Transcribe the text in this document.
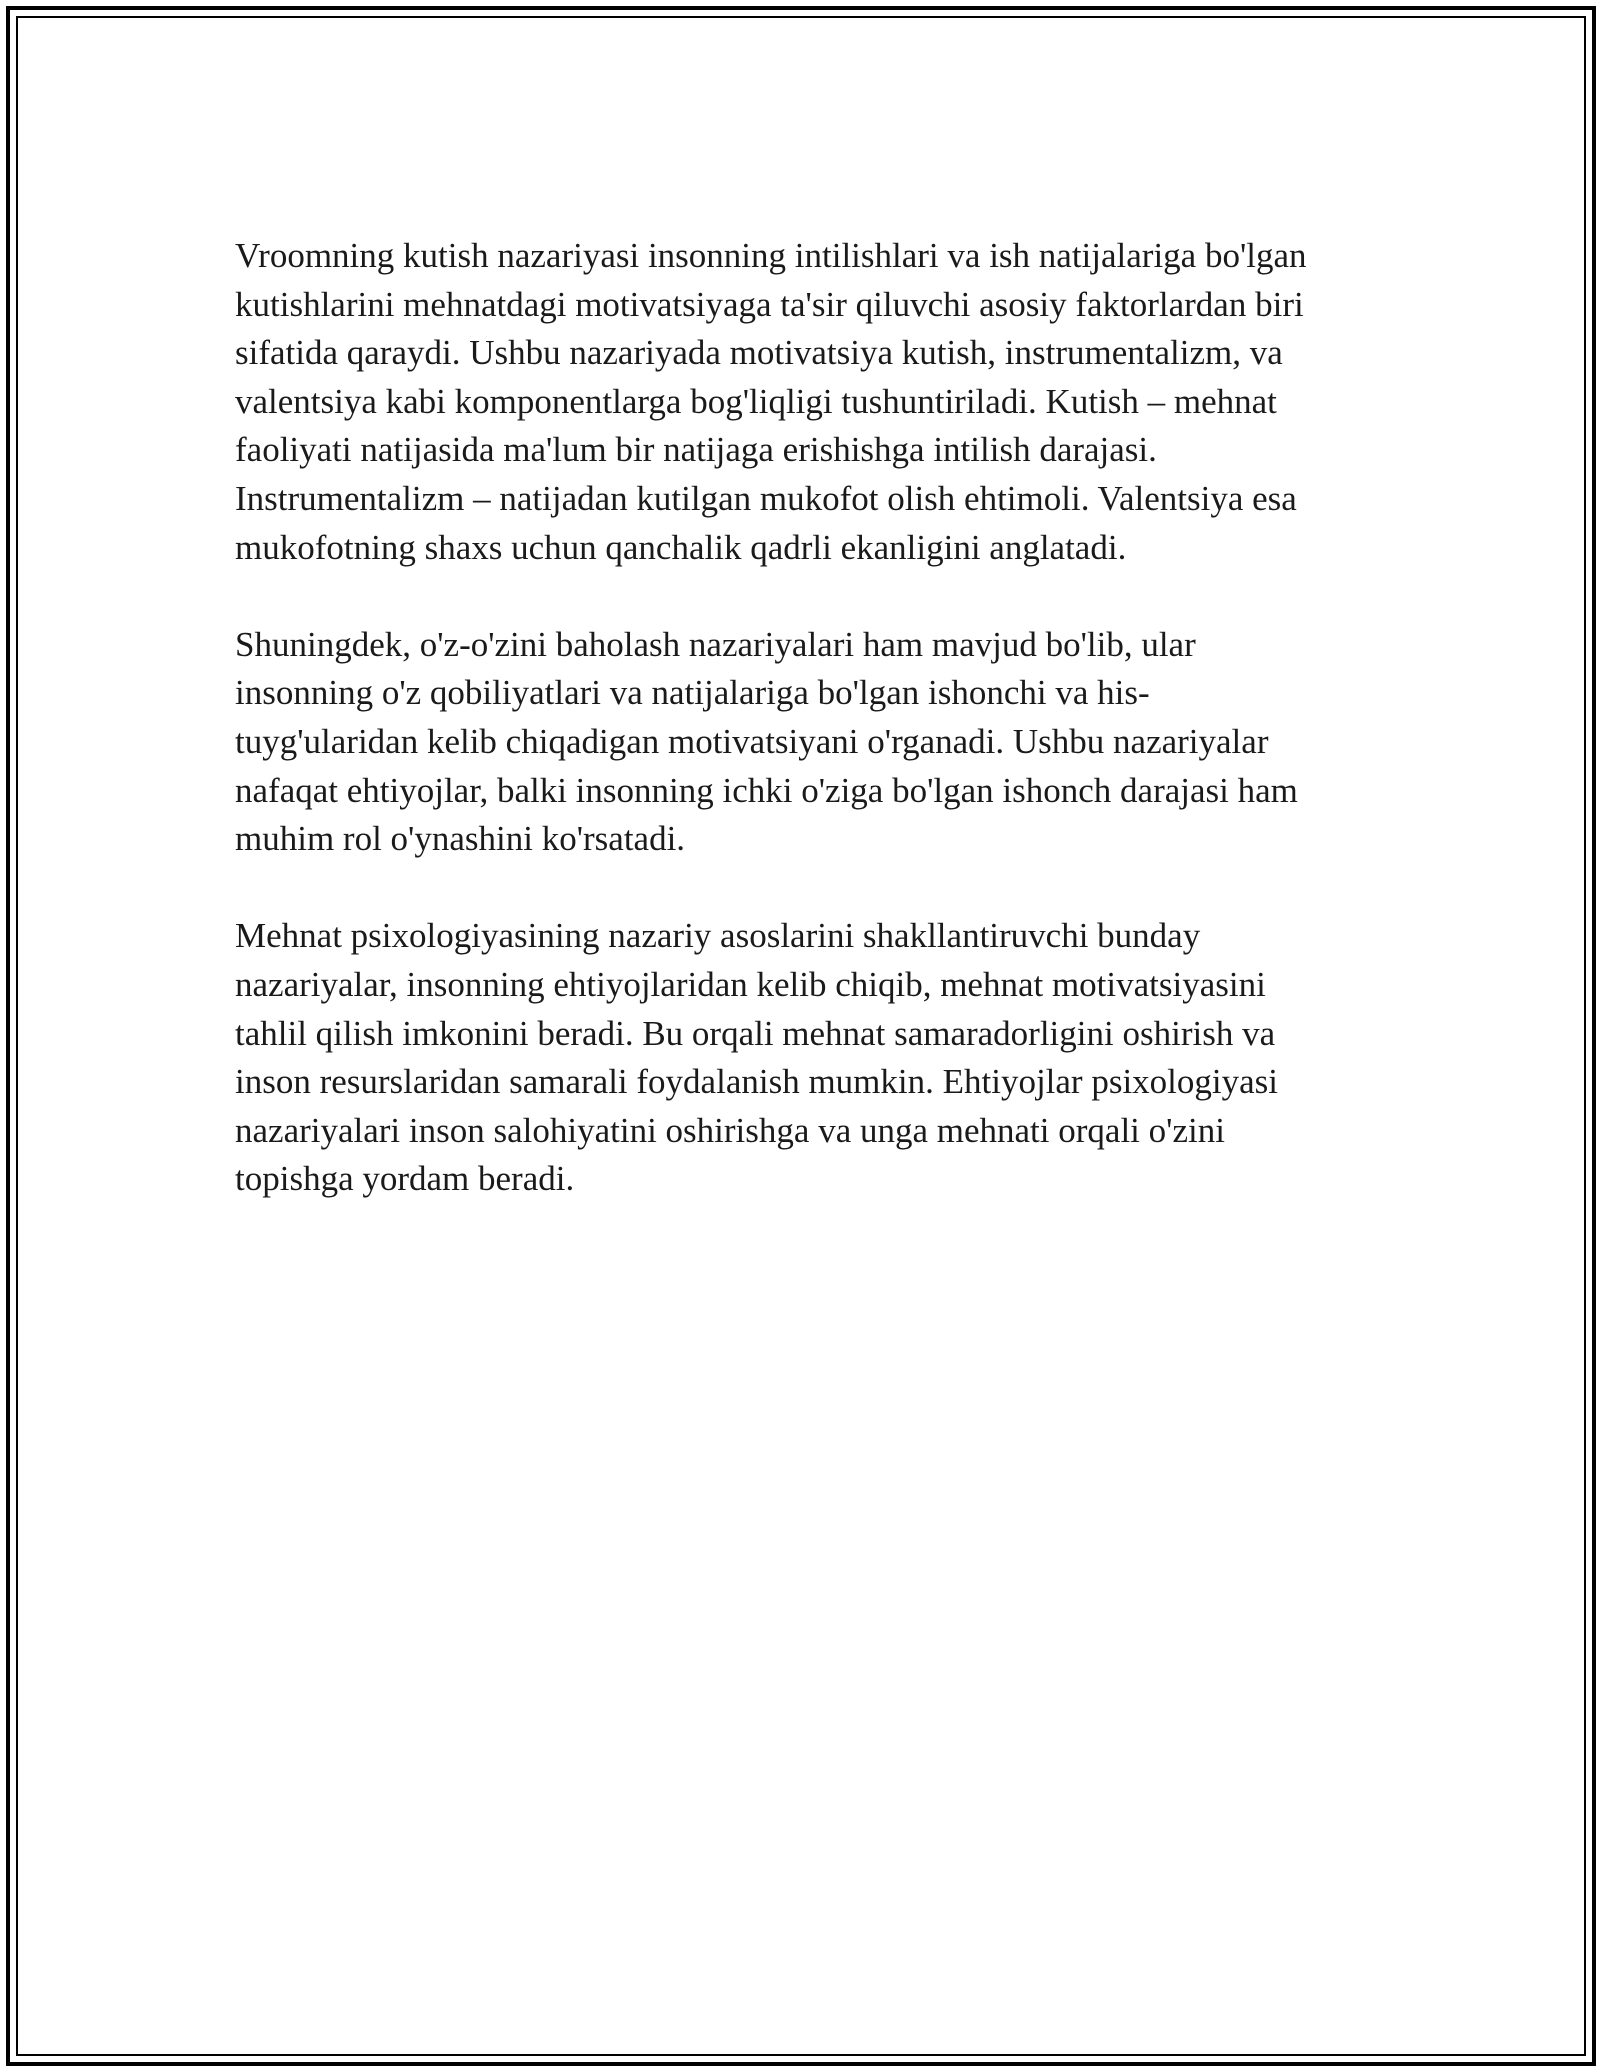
Vroomning kutish nazariyasi insonning intilishlari va ish natijalariga bo'lgan
kutishlarini mehnatdagi motivatsiyaga ta'sir qiluvchi asosiy faktorlardan biri
sifatida qaraydi. Ushbu nazariyada motivatsiya kutish, instrumentalizm, va
valentsiya kabi komponentlarga bog'liqligi tushuntiriladi. Kutish – mehnat
faoliyati natijasida ma'lum bir natijaga erishishga intilish darajasi.
Instrumentalizm – natijadan kutilgan mukofot olish ehtimoli. Valentsiya esa
mukofotning shaxs uchun qanchalik qadrli ekanligini anglatadi.

Shuningdek, o'z-o'zini baholash nazariyalari ham mavjud bo'lib, ular
insonning o'z qobiliyatlari va natijalariga bo'lgan ishonchi va his-
tuyg'ularidan kelib chiqadigan motivatsiyani o'rganadi. Ushbu nazariyalar
nafaqat ehtiyojlar, balki insonning ichki o'ziga bo'lgan ishonch darajasi ham
muhim rol o'ynashini ko'rsatadi.

Mehnat psixologiyasining nazariy asoslarini shakllantiruvchi bunday
nazariyalar, insonning ehtiyojlaridan kelib chiqib, mehnat motivatsiyasini
tahlil qilish imkonini beradi. Bu orqali mehnat samaradorligini oshirish va
inson resurslaridan samarali foydalanish mumkin. Ehtiyojlar psixologiyasi
nazariyalari inson salohiyatini oshirishga va unga mehnati orqali o'zini
topishga yordam beradi.
